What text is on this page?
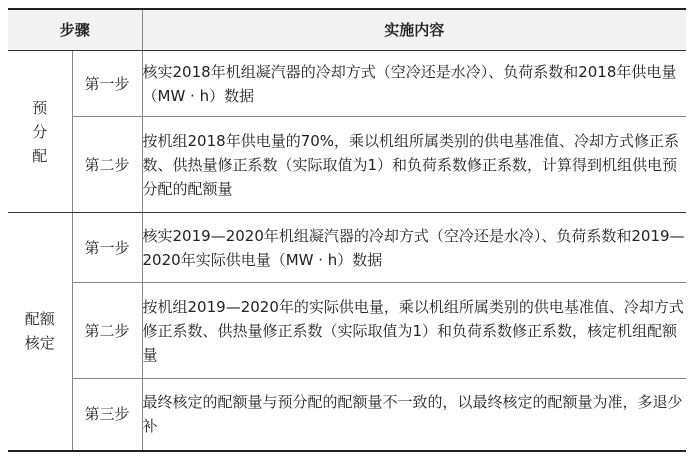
步骤		实施内容

预
分
配	第一步	核实2018年机组凝汽器的冷却方式（空冷还是水冷）、负荷系数和2018年供电量（MW · h）数据
	第二步	按机组2018年供电量的70%，乘以机组所属类别的供电基准值、冷却方式修正系数、供热量修正系数（实际取值为1）和负荷系数修正系数，计算得到机组供电预分配的配额量

配额
核定	第一步	核实2019—2020年机组凝汽器的冷却方式（空冷还是水冷）、负荷系数和2019—2020年实际供电量（MW · h）数据
	第二步	按机组2019—2020年的实际供电量，乘以机组所属类别的供电基准值、冷却方式修正系数、供热量修正系数（实际取值为1）和负荷系数修正系数，核定机组配额量
	第三步	最终核定的配额量与预分配的配额量不一致的，以最终核定的配额量为准，多退少补
